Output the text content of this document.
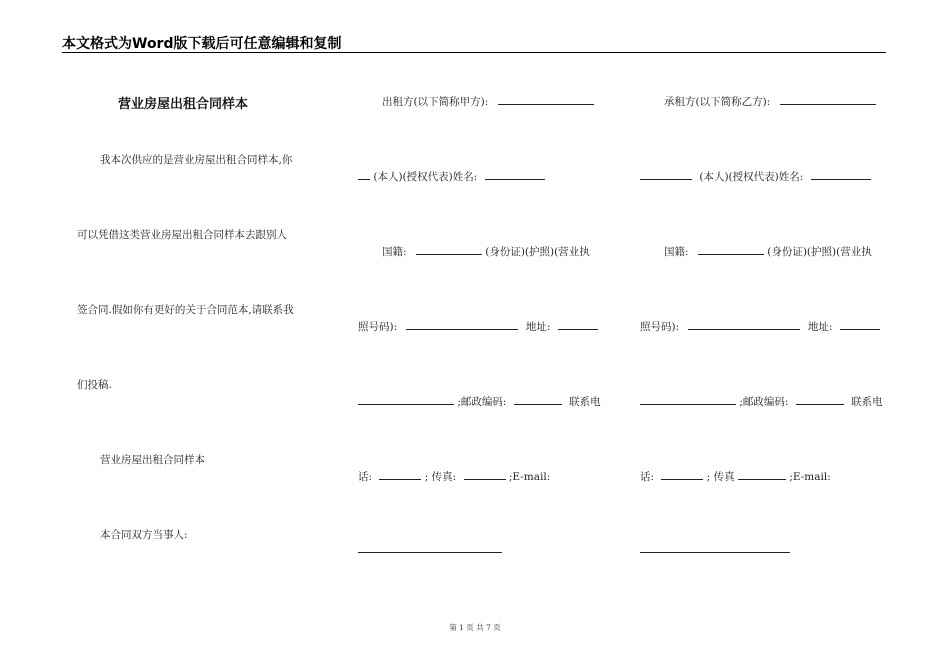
本文格式为Word版下载后可任意编辑和复制
营业房屋出租合同样本
我本次供应的是营业房屋出租合同样本,你
可以凭借这类营业房屋出租合同样本去跟别人
签合同.假如你有更好的关于合同范本,请联系我
们投稿.
营业房屋出租合同样本
本合同双方当事人:
出租方(以下简称甲方):
(本人)(授权代表)姓名:
国籍:	(身份证)(护照)(营业执
照号码):	地址:
;邮政编码:	联系电
话:	; 传真:	;E-mail:
承租方(以下简称乙方):
(本人)(授权代表)姓名:
国籍:	(身份证)(护照)(营业执
照号码):	地址:
;邮政编码:	联系电
话:	; 传真	;E-mail:
第 1 页 共 7 页
